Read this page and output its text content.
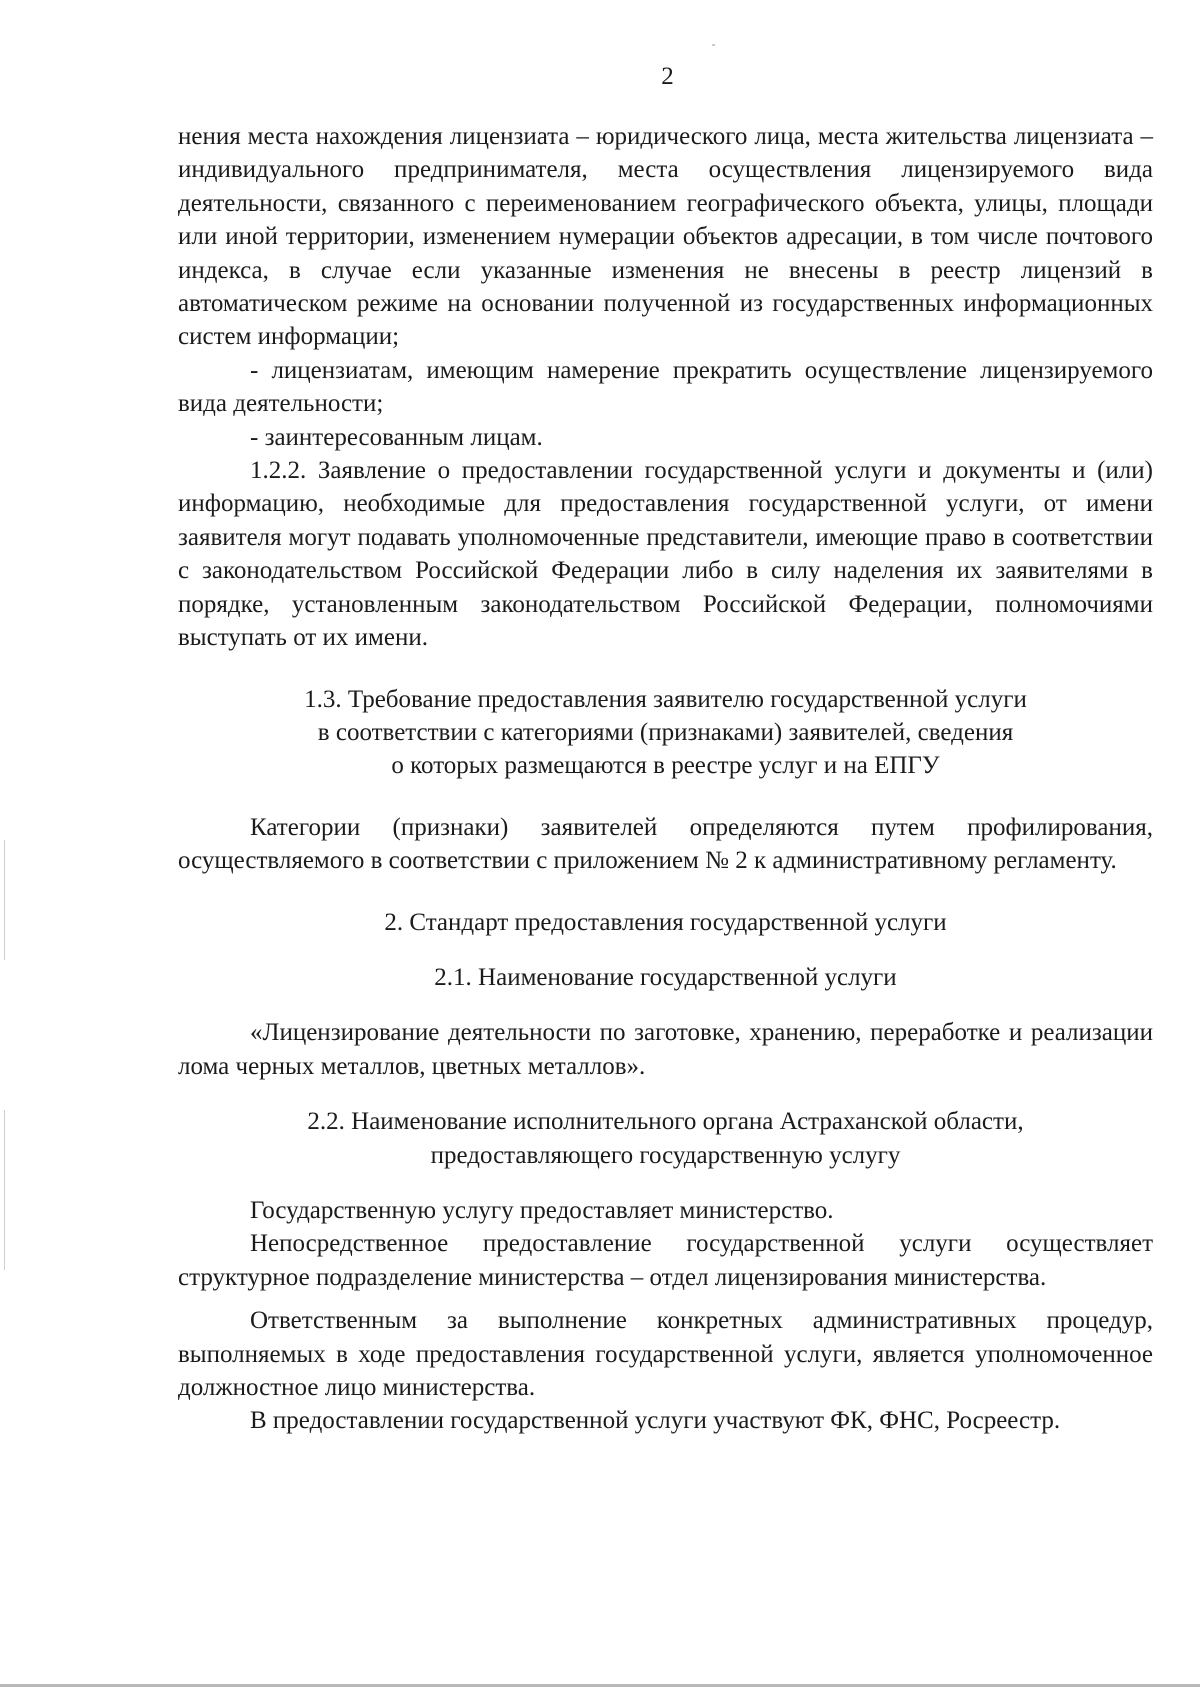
2

нения места нахождения лицензиата – юридического лица, места жительства лицензиата – индивидуального предпринимателя, места осуществления лицензируемого вида деятельности, связанного с переименованием географического объекта, улицы, площади или иной территории, изменением нумерации объектов адресации, в том числе почтового индекса, в случае если указанные изменения не внесены в реестр лицензий в автоматическом режиме на основании полученной из государственных информационных систем информации;

- лицензиатам, имеющим намерение прекратить осуществление лицензируемого вида деятельности;

- заинтересованным лицам.

1.2.2. Заявление о предоставлении государственной услуги и документы и (или) информацию, необходимые для предоставления государственной услуги, от имени заявителя могут подавать уполномоченные представители, имеющие право в соответствии с законодательством Российской Федерации либо в силу наделения их заявителями в порядке, установленным законодательством Российской Федерации, полномочиями выступать от их имени.

1.3. Требование предоставления заявителю государственной услуги
в соответствии с категориями (признаками) заявителей, сведения
о которых размещаются в реестре услуг и на ЕПГУ

Категории (признаки) заявителей определяются путем профилирования, осуществляемого в соответствии с приложением № 2 к административному регламенту.

2. Стандарт предоставления государственной услуги
2.1. Наименование государственной услуги

«Лицензирование деятельности по заготовке, хранению, переработке и реализации лома черных металлов, цветных металлов».

2.2. Наименование исполнительного органа Астраханской области,
предоставляющего государственную услугу

Государственную услугу предоставляет министерство.

Непосредственное предоставление государственной услуги осуществляет структурное подразделение министерства – отдел лицензирования министерства.

Ответственным за выполнение конкретных административных процедур, выполняемых в ходе предоставления государственной услуги, является уполномоченное должностное лицо министерства.

В предоставлении государственной услуги участвуют ФК, ФНС, Росреестр.
